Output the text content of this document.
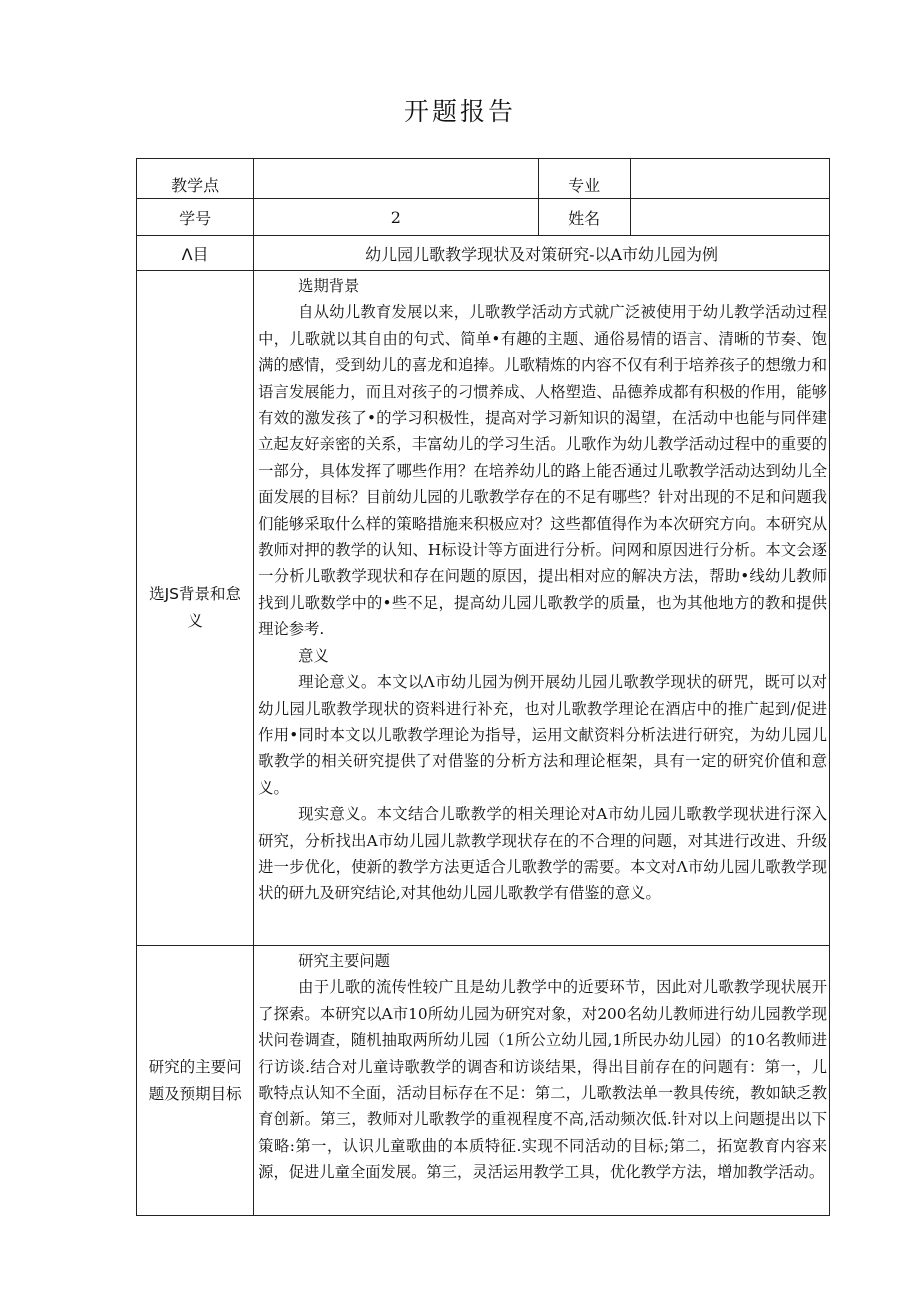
开题报告
教学点		专业	
学号	2	姓名	
Λ目	幼儿园儿歌教学现状及对策研究-以A市幼儿园为例		
选JS背景和怠义	选期背景

自从幼儿教育发展以来，儿歌教学活动方式就广泛被使用于幼儿教学活动过程中，儿歌就以其自由的句式、简单•有趣的主题、通俗易情的语言、清晰的节奏、饱满的感情，受到幼儿的喜龙和追捧。儿歌精炼的内容不仅有利于培养孩子的想缴力和语言发展能力，而且对孩子的刁惯养成、人格塑造、品德养成都有积极的作用，能够有效的激发孩了•的学习积极性，提高对学习新知识的渴望，在活动中也能与同伴建立起友好亲密的关系，丰富幼儿的学习生活。儿歌作为幼儿教学活动过程中的重要的一部分，具体发挥了哪些作用？在培养幼儿的路上能否通过儿歌教学活动达到幼儿全面发展的目标？目前幼儿园的儿歌教学存在的不足有哪些？针对出现的不足和问题我们能够采取什么样的策略措施来积极应对？这些都值得作为本次研究方向。本研究从教师对押的教学的认知、H标设计等方面进行分析。问网和原因进行分析。本文会逐一分析儿歌教学现状和存在问题的原因，提出相对应的解决方法，帮助•线幼儿教师找到儿歌数学中的•些不足，提高幼儿园儿歌教学的质量，也为其他地方的教和提供理论参考.

意义

理论意义。本文以Λ市幼儿园为例开展幼儿园儿歌教学现状的研咒，既可以对幼儿园儿歌教学现状的资料进行补充，也对儿歌教学理论在酒店中的推广起到/促进作用•同时本文以儿歌教学理论为指导，运用文献资料分析法进行研究，为幼儿园儿歌教学的相关研究提供了对借鉴的分析方法和理论框架，具有一定的研究价值和意义。

现实意义。本文结合儿歌教学的相关理论对A市幼儿园儿歌教学现状进行深入研究，分析找出A市幼儿园儿款教学现状存在的不合理的问题，对其进行改进、升级进一步优化，使新的教学方法更适合儿歌教学的需要。本文对Λ市幼儿园儿歌教学现状的研九及研究结论,对其他幼儿园儿歌教学有借鉴的意义。		

研究的主要问题及预期目标	研究主要问题

由于儿歌的流传性较广且是幼儿教学中的近要环节，因此对儿歌教学现状展开了探索。本研究以A市10所幼儿园为研究对象，对200名幼儿教师进行幼儿园教学现状问卷调查，随机抽取两所幼儿园（1所公立幼儿园,1所民办幼儿园）的10名教师进行访谈.结合对儿童诗歌教学的调杳和访谈结果，得出目前存在的问题有：第一，儿歌特点认知不全面，活动目标存在不足：第二，儿歌教法单一教具传统，教如缺乏教育创新。第三，教师对儿歌教学的重视程度不高,活动频次低.针对以上问题提出以下策略:第一，认识儿童歌曲的本质特征.实现不同活动的目标;第二，拓宽教育内容来源，促进儿童全面发展。第三，灵活运用教学工具，优化教学方法，增加教学活动。		
